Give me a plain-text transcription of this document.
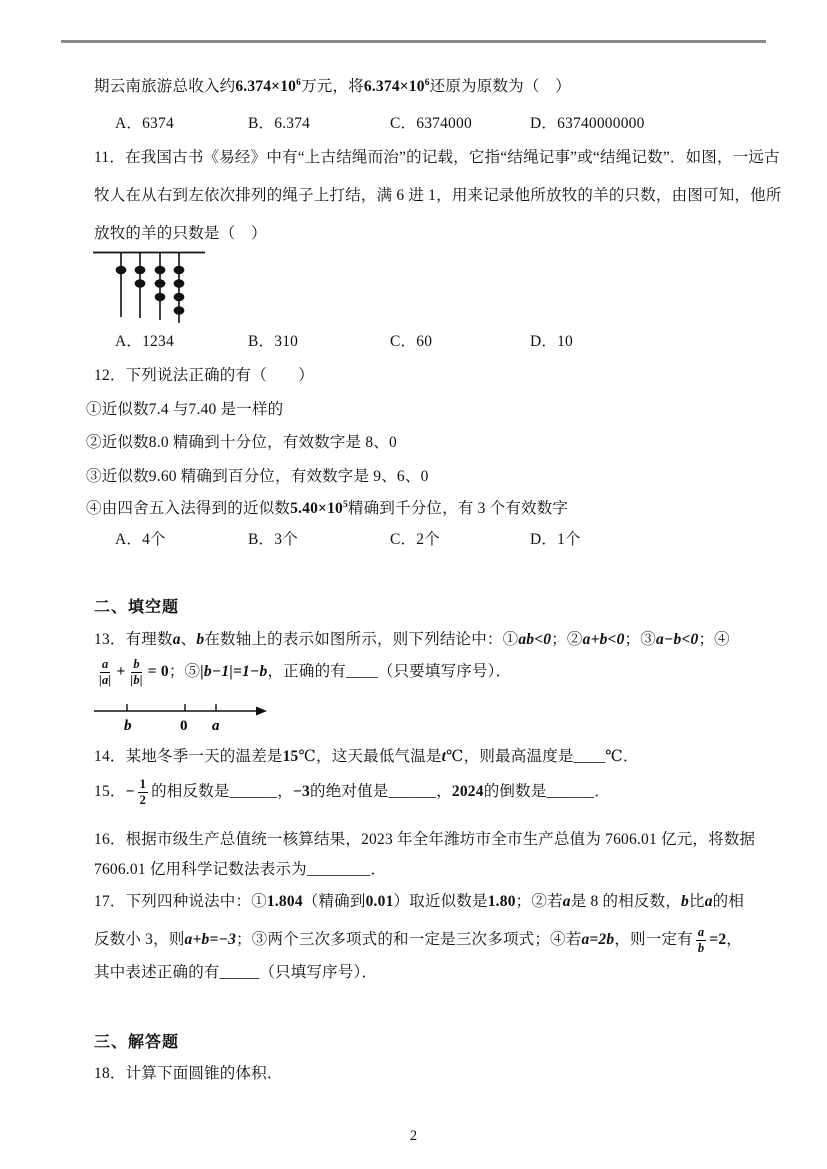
期云南旅游总收入约$6.374\times 10^6$万元，将$6.374\times 10^6$还原为原数为（　）
A．6374	B．6.374	C．6374000	D．63740000000
11．在我国古书《易经》中有“上古结绳而治”的记载，它指“结绳记事”或“结绳记数”．如图，一远古
牧人在从右到左依次排列的绳子上打结，满 6 进 1，用来记录他所放牧的羊的只数，由图可知，他所
放牧的羊的只数是（　）
A．1234	B．310	C．60	D．10
12．下列说法正确的有（　　）
①近似数7.4 与7.40 是一样的
②近似数8.0 精确到十分位，有效数字是 8、0
③近似数9.60 精确到百分位，有效数字是 9、6、0
④由四舍五入法得到的近似数$5.40\times 10^5$精确到千分位，有 3 个有效数字
A．4个	B．3个	C．2个	D．1个
二、填空题
13．有理数a、b在数轴上的表示如图所示，则下列结论中：①ab<0；②a+b<0；③a−b<0；④
$\frac{a}{|a|} + \frac{b}{|b|} = 0$ ；⑤ |b−1|=1−b ，正确的有____（只要填写序号）．
b	0 a
14．某地冬季一天的温差是15℃，这天最低气温是t℃，则最高温度是____℃．
15． − $\frac{1}{2}$ 的相反数是______， −3 的绝对值是______， 2024 的倒数是______．
16．根据市级生产总值统一核算结果，2023 年全年潍坊市全市生产总值为 7606.01 亿元，将数据
7606.01 亿用科学记数法表示为________．
17．下列四种说法中：①1.804（精确到0.01）取近似数是1.80；②若a是 8 的相反数，b比a的相
反数小 3，则 a+b=−3 ；③两个三次多项式的和一定是三次多项式；④若 a=2b ，则一定有 $\frac{a}{b} =2$ ，
其中表述正确的有_____（只填写序号）．
三、解答题
18．计算下面圆锥的体积．
2
